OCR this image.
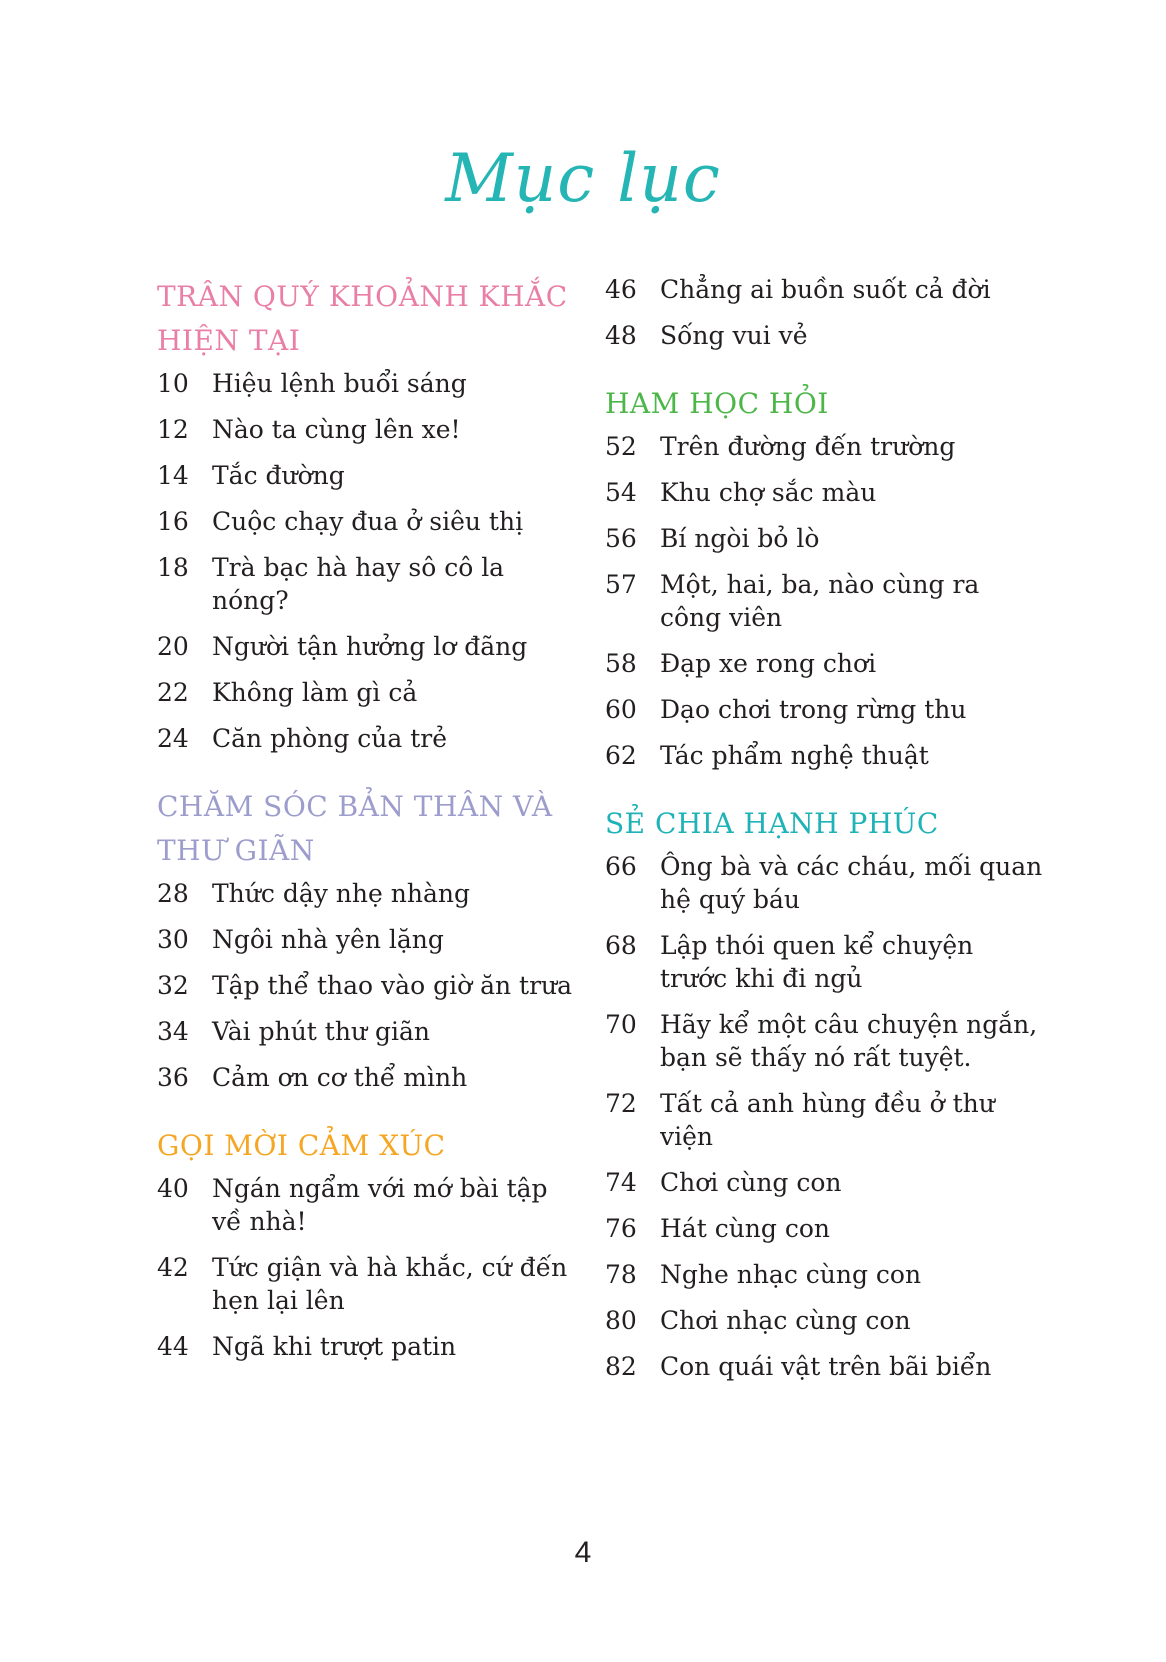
Mục lục
TRÂN QUÝ KHOẢNH KHẮC HIỆN TẠI
10 Hiệu lệnh buổi sáng
12 Nào ta cùng lên xe!
14 Tắc đường
16 Cuộc chạy đua ở siêu thị
18 Trà bạc hà hay sô cô la nóng?
20 Người tận hưởng lơ đãng
22 Không làm gì cả
24 Căn phòng của trẻ
CHĂM SÓC BẢN THÂN VÀ THƯ GIÃN
28 Thức dậy nhẹ nhàng
30 Ngôi nhà yên lặng
32 Tập thể thao vào giờ ăn trưa
34 Vài phút thư giãn
36 Cảm ơn cơ thể mình
GỌI MỜI CẢM XÚC
40 Ngán ngẩm với mớ bài tập về nhà!
42 Tức giận và hà khắc, cứ đến hẹn lại lên
44 Ngã khi trượt patin
46 Chẳng ai buồn suốt cả đời
48 Sống vui vẻ
HAM HỌC HỎI
52 Trên đường đến trường
54 Khu chợ sắc màu
56 Bí ngòi bỏ lò
57 Một, hai, ba, nào cùng ra công viên
58 Đạp xe rong chơi
60 Dạo chơi trong rừng thu
62 Tác phẩm nghệ thuật
SẺ CHIA HẠNH PHÚC
66 Ông bà và các cháu, mối quan hệ quý báu
68 Lập thói quen kể chuyện trước khi đi ngủ
70 Hãy kể một câu chuyện ngắn, bạn sẽ thấy nó rất tuyệt.
72 Tất cả anh hùng đều ở thư viện
74 Chơi cùng con
76 Hát cùng con
78 Nghe nhạc cùng con
80 Chơi nhạc cùng con
82 Con quái vật trên bãi biển
4
